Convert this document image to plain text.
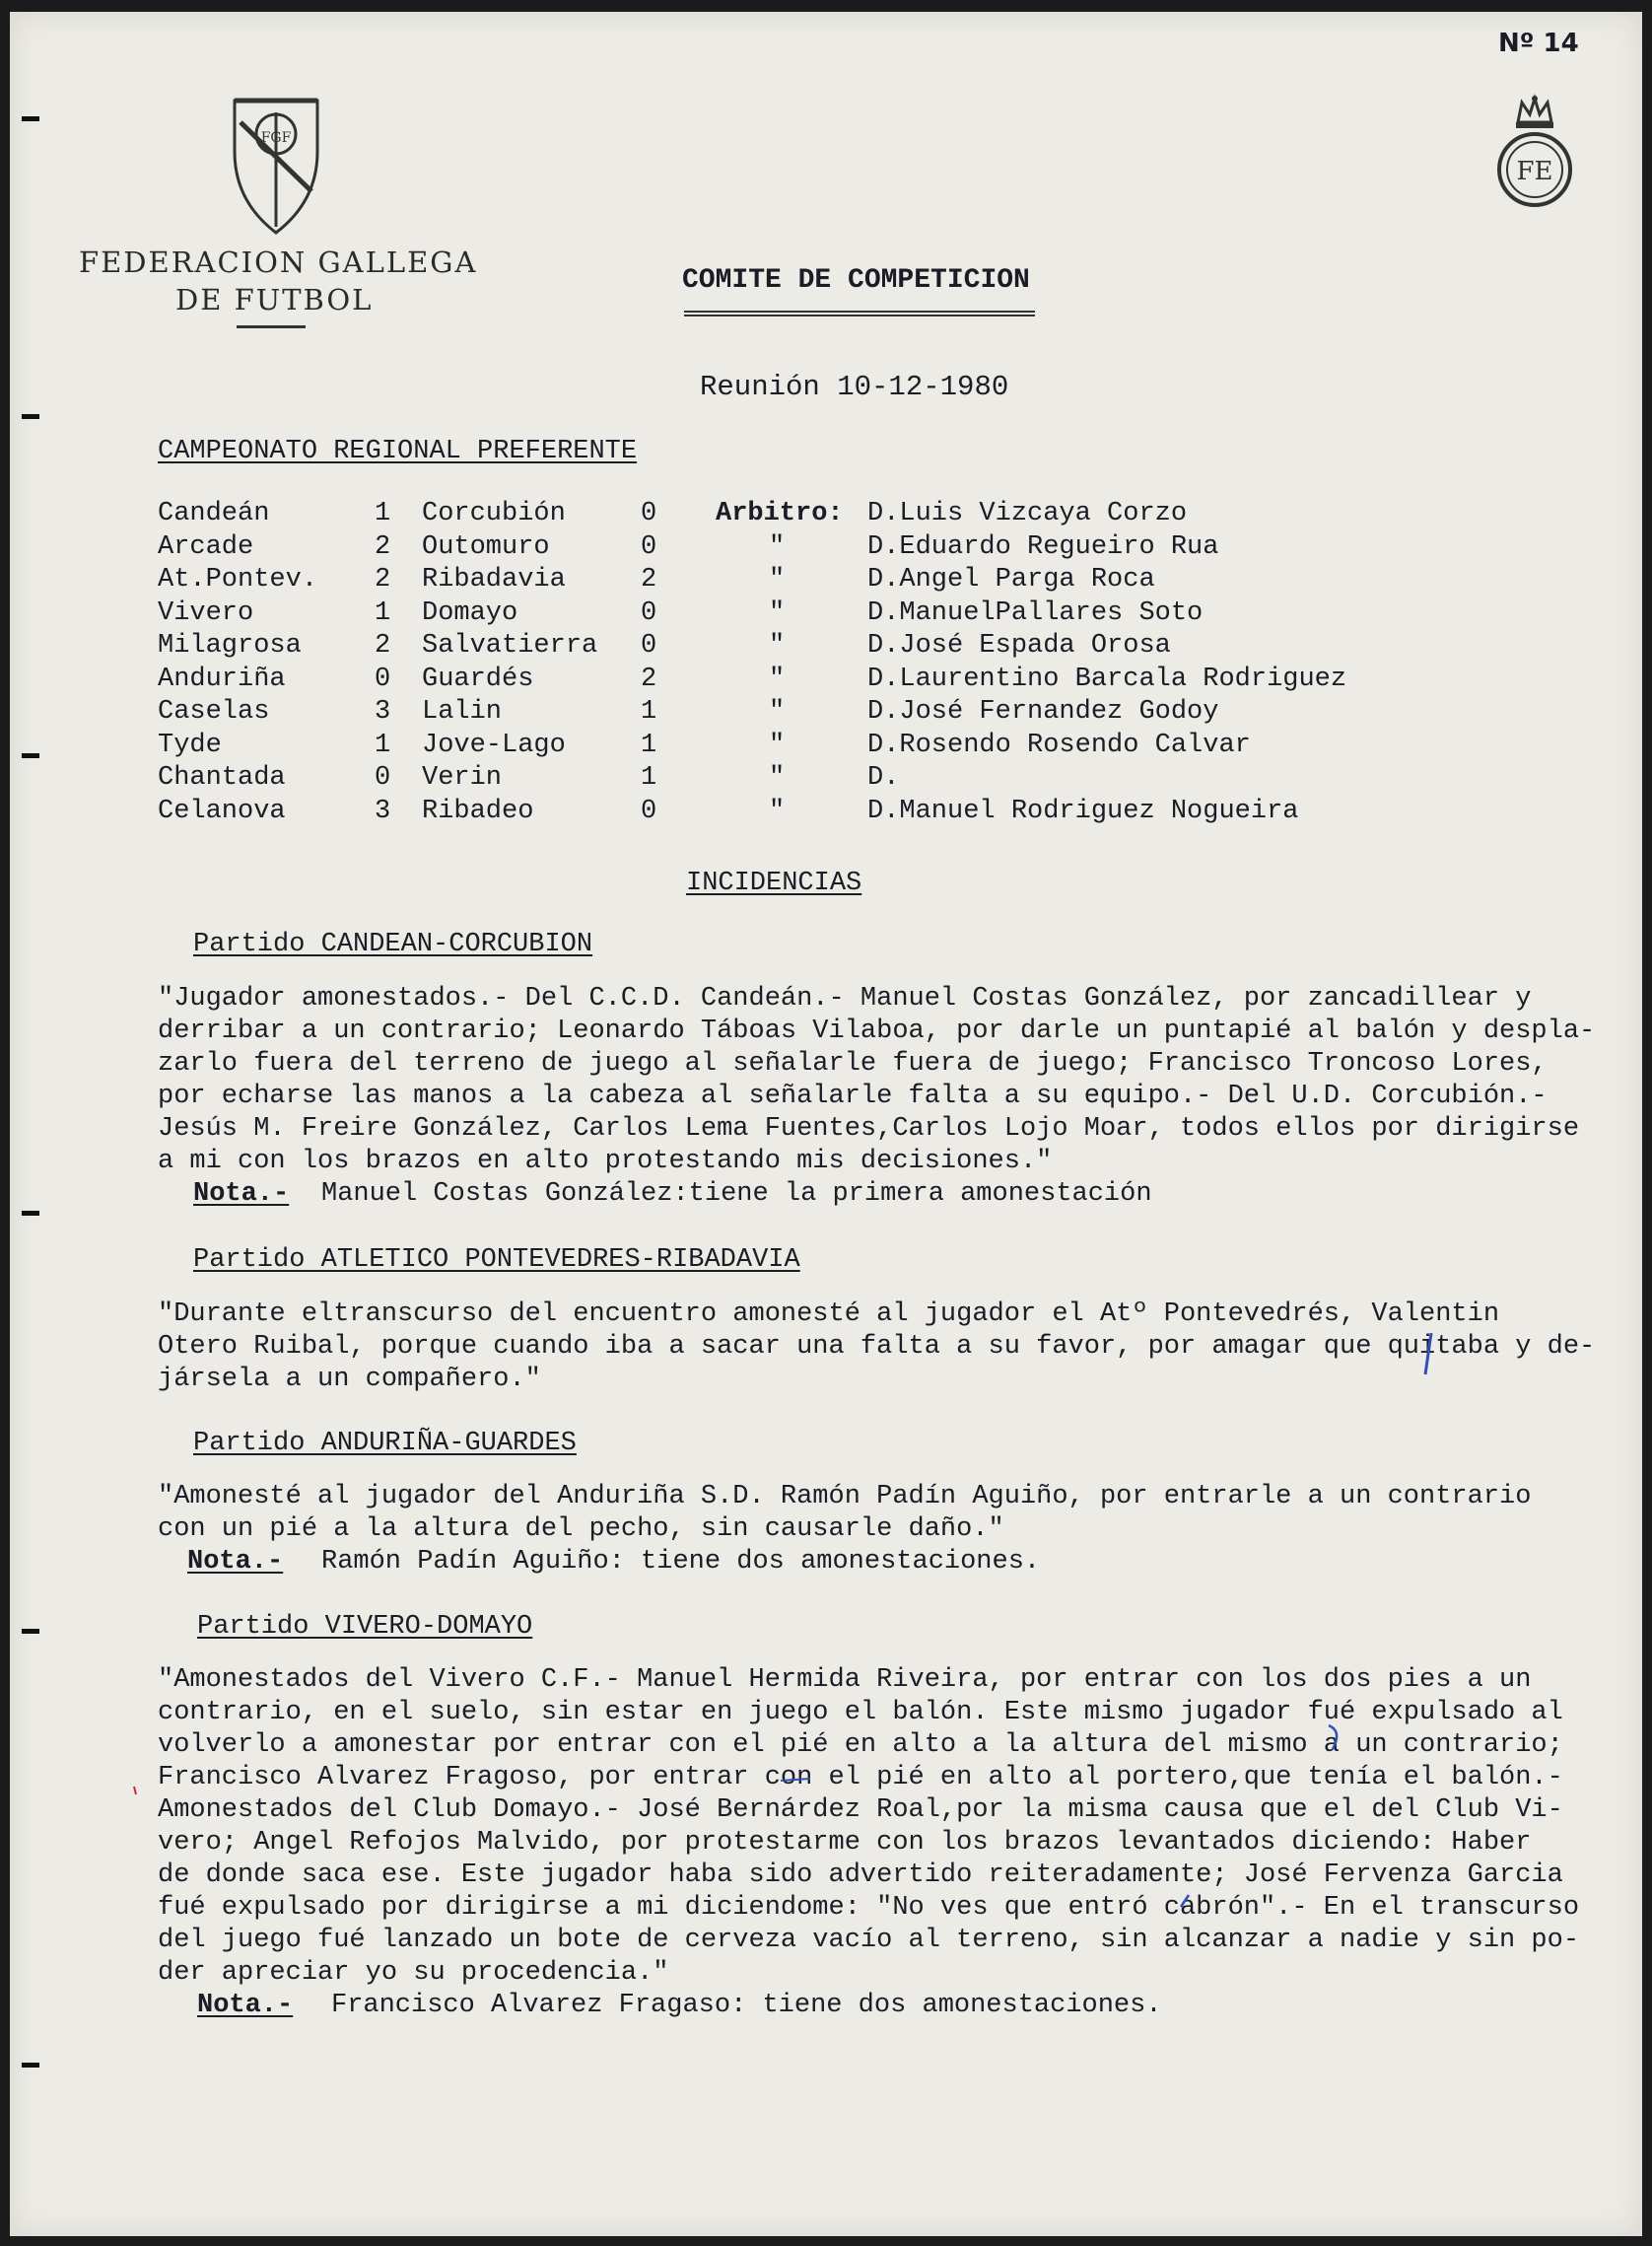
Nº 14
FGF
FEDERACION GALLEGA
DE FUTBOL
FE
COMITE DE COMPETICION
Reunión 10-12-1980
CAMPEONATO REGIONAL PREFERENTE
Candeán	1 Corcubión	0 Arbitro: D.Luis Vizcaya Corzo
Arcade	2 Outomuro	0	"	D.Eduardo Regueiro Rua
At.Pontev. 2 Ribadavia	2	"	D.Angel Parga Roca
Vivero	1 Domayo	0	"	D.ManuelPallares Soto
Milagrosa	2 Salvatierra 0	"	D.José Espada Orosa
Anduriña	0 Guardés	2	"	D.Laurentino Barcala Rodriguez
Caselas	3 Lalin	1	"	D.José Fernandez Godoy
Tyde	1 Jove-Lago	1	"	D.Rosendo Rosendo Calvar
Chantada	0 Verin	1	"	D.
Celanova	3 Ribadeo	0	"	D.Manuel Rodriguez Nogueira
INCIDENCIAS
Partido CANDEAN-CORCUBION
"Jugador amonestados.- Del C.C.D. Candeán.- Manuel Costas González, por zancadillear y
derribar a un contrario; Leonardo Táboas Vilaboa, por darle un puntapié al balón y despla-
zarlo fuera del terreno de juego al señalarle fuera de juego; Francisco Troncoso Lores,
por echarse las manos a la cabeza al señalarle falta a su equipo.- Del U.D. Corcubión.-
Jesús M. Freire González, Carlos Lema Fuentes,Carlos Lojo Moar, todos ellos por dirigirse
a mi con los brazos en alto protestando mis decisiones."
Nota.- Manuel Costas González:tiene la primera amonestación
Partido ATLETICO PONTEVEDRES-RIBADAVIA
"Durante eltranscurso del encuentro amonesté al jugador el Atº Pontevedrés, Valentin
Otero Ruibal, porque cuando iba a sacar una falta a su favor, por amagar que quitaba y de-
jársela a un compañero."
Partido ANDURIÑA-GUARDES
"Amonesté al jugador del Anduriña S.D. Ramón Padín Aguiño, por entrarle a un contrario
con un pié a la altura del pecho, sin causarle daño."
Nota.- Ramón Padín Aguiño: tiene dos amonestaciones.
Partido VIVERO-DOMAYO
"Amonestados del Vivero C.F.- Manuel Hermida Riveira, por entrar con los dos pies a un
contrario, en el suelo, sin estar en juego el balón. Este mismo jugador fué expulsado al
volverlo a amonestar por entrar con el pié en alto a la altura del mismo a un contrario;
Francisco Alvarez Fragoso, por entrar con el pié en alto al portero,que tenía el balón.-
Amonestados del Club Domayo.- José Bernárdez Roal,por la misma causa que el del Club Vi-
vero; Angel Refojos Malvido, por protestarme con los brazos levantados diciendo: Haber
de donde saca ese. Este jugador haba sido advertido reiteradamente; José Fervenza Garcia
fué expulsado por dirigirse a mi diciendome: "No ves que entró cabrón".- En el transcurso
del juego fué lanzado un bote de cerveza vacío al terreno, sin alcanzar a nadie y sin po-
der apreciar yo su procedencia."
Nota.- Francisco Alvarez Fragaso: tiene dos amonestaciones.
